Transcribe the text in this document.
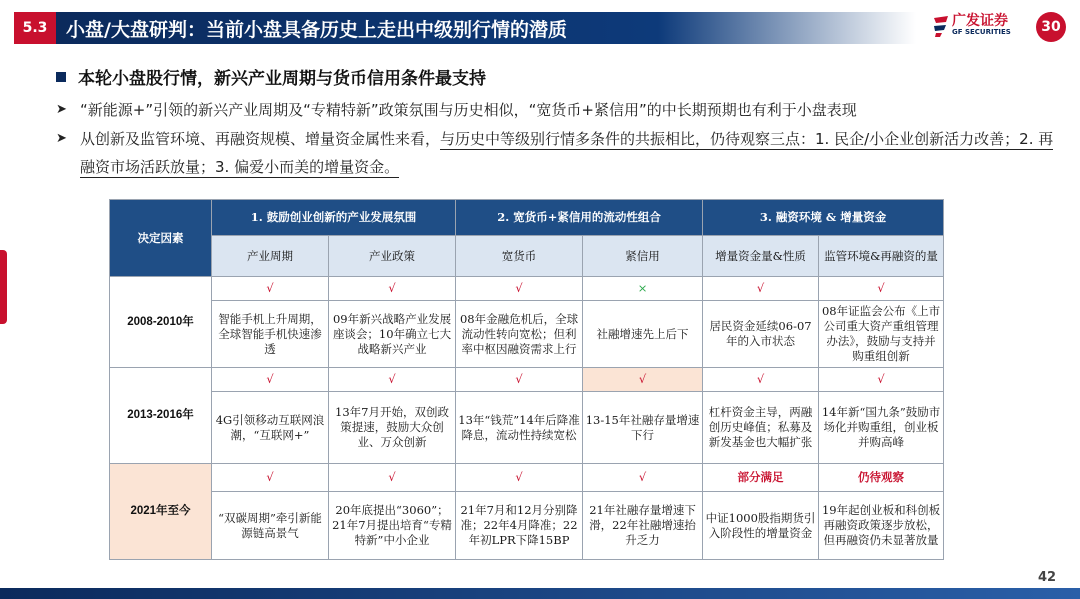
5.3 小盘/大盘研判：当前小盘具备历史上走出中级别行情的潜质	广发证券
GF SECURITIES	30
本轮小盘股行情，新兴产业周期与货币信用条件最支持
➤ “新能源+”引领的新兴产业周期及“专精特新”政策氛围与历史相似，“宽货币+紧信用”的中长期预期也有利于小盘表现
➤ 从创新及监管环境、再融资规模、增量资金属性来看，与历史中等级别行情多条件的共振相比，仍待观察三点：1. 民企/小企业创新活力改善；2. 再融资市场活跃放量；3. 偏爱小而美的增量资金。
决定因素	1. 鼓励创业创新的产业发展氛围		2. 宽货币+紧信用的流动性组合		3. 融资环境 & 增量资金	
	产业周期	产业政策	宽货币	紧信用	增量资金量&性质	监管环境&再融资的量
2008-2010年	√	√	√	×	√	√
	智能手机上升周期，全球智能手机快速渗透	09年新兴战略产业发展座谈会；10年确立七大战略新兴产业	08年金融危机后，全球流动性转向宽松；但利率中枢因融资需求上行	社融增速先上后下	居民资金延续06-07年的入市状态	08年证监会公布《上市公司重大资产重组管理办法》，鼓励与支持并购重组创新
2013-2016年	√	√	√	√	√	√
	4G引领移动互联网浪潮，“互联网+”	13年7月开始，双创政策提速，鼓励大众创业、万众创新	13年“钱荒”14年后降准降息，流动性持续宽松	13-15年社融存量增速下行	杠杆资金主导，两融创历史峰值；私募及新发基金也大幅扩张	14年新“国九条”鼓励市场化并购重组，创业板并购高峰
2021年至今	√	√	√	√	部分满足	仍待观察
	“双碳周期”牵引新能源链高景气	20年底提出“3060”；21年7月提出培育“专精特新”中小企业	21年7月和12月分别降准；22年4月降准；22年初LPR下降15BP	21年社融存量增速下滑，22年社融增速抬升乏力	中证1000股指期货引入阶段性的增量资金	19年起创业板和科创板再融资政策逐步放松，但再融资仍未显著放量
42
